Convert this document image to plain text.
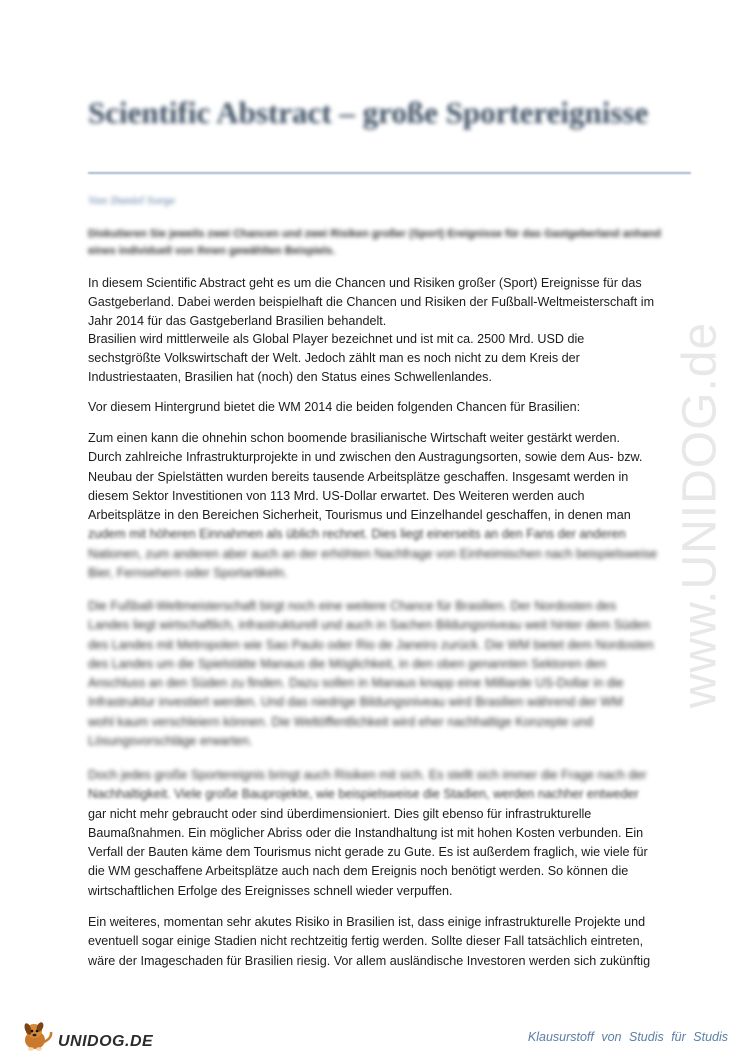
Scientific Abstract – große Sportereignisse
Von Daniel Sorge
Diskutieren Sie jeweils zwei Chancen und zwei Risiken großer (Sport) Ereignisse für das Gastgeberland anhand eines individuell von Ihnen gewählten Beispiels.

In diesem Scientific Abstract geht es um die Chancen und Risiken großer (Sport) Ereignisse für das

Gastgeberland. Dabei werden beispielhaft die Chancen und Risiken der Fußball-Weltmeisterschaft im

Jahr 2014 für das Gastgeberland Brasilien behandelt.

Brasilien wird mittlerweile als Global Player bezeichnet und ist mit ca. 2500 Mrd. USD die

sechstgrößte Volkswirtschaft der Welt. Jedoch zählt man es noch nicht zu dem Kreis der

Industriestaaten, Brasilien hat (noch) den Status eines Schwellenlandes.

Vor diesem Hintergrund bietet die WM 2014 die beiden folgenden Chancen für Brasilien:

Zum einen kann die ohnehin schon boomende brasilianische Wirtschaft weiter gestärkt werden.

Durch zahlreiche Infrastrukturprojekte in und zwischen den Austragungsorten, sowie dem Aus- bzw.

Neubau der Spielstätten wurden bereits tausende Arbeitsplätze geschaffen. Insgesamt werden in

diesem Sektor Investitionen von 113 Mrd. US-Dollar erwartet. Des Weiteren werden auch

Arbeitsplätze in den Bereichen Sicherheit, Tourismus und Einzelhandel geschaffen, in denen man

zudem mit höheren Einnahmen als üblich rechnet. Dies liegt einerseits an den Fans der anderen

Nationen, zum anderen aber auch an der erhöhten Nachfrage von Einheimischen nach beispielsweise

Bier, Fernsehern oder Sportartikeln.

Die Fußball-Weltmeisterschaft birgt noch eine weitere Chance für Brasilien. Der Nordosten des

Landes liegt wirtschaftlich, infrastrukturell und auch in Sachen Bildungsniveau weit hinter dem Süden

des Landes mit Metropolen wie Sao Paulo oder Rio de Janeiro zurück. Die WM bietet dem Nordosten

des Landes um die Spielstätte Manaus die Möglichkeit, in den oben genannten Sektoren den

Anschluss an den Süden zu finden. Dazu sollen in Manaus knapp eine Milliarde US-Dollar in die

Infrastruktur investiert werden. Und das niedrige Bildungsniveau wird Brasilien während der WM

wohl kaum verschleiern können. Die Weltöffentlichkeit wird eher nachhaltige Konzepte und

Lösungsvorschläge erwarten.

Doch jedes große Sportereignis bringt auch Risiken mit sich. Es stellt sich immer die Frage nach der

Nachhaltigkeit. Viele große Bauprojekte, wie beispielsweise die Stadien, werden nachher entweder

gar nicht mehr gebraucht oder sind überdimensioniert. Dies gilt ebenso für infrastrukturelle

Baumaßnahmen. Ein möglicher Abriss oder die Instandhaltung ist mit hohen Kosten verbunden. Ein

Verfall der Bauten käme dem Tourismus nicht gerade zu Gute. Es ist außerdem fraglich, wie viele für

die WM geschaffene Arbeitsplätze auch nach dem Ereignis noch benötigt werden. So können die

wirtschaftlichen Erfolge des Ereignisses schnell wieder verpuffen.

Ein weiteres, momentan sehr akutes Risiko in Brasilien ist, dass einige infrastrukturelle Projekte und

eventuell sogar einige Stadien nicht rechtzeitig fertig werden. Sollte dieser Fall tatsächlich eintreten,

wäre der Imageschaden für Brasilien riesig. Vor allem ausländische Investoren werden sich zukünftig

www.UNIDOG.de
UNIDOG.DE	Klausurstoff von Studis für Studis
